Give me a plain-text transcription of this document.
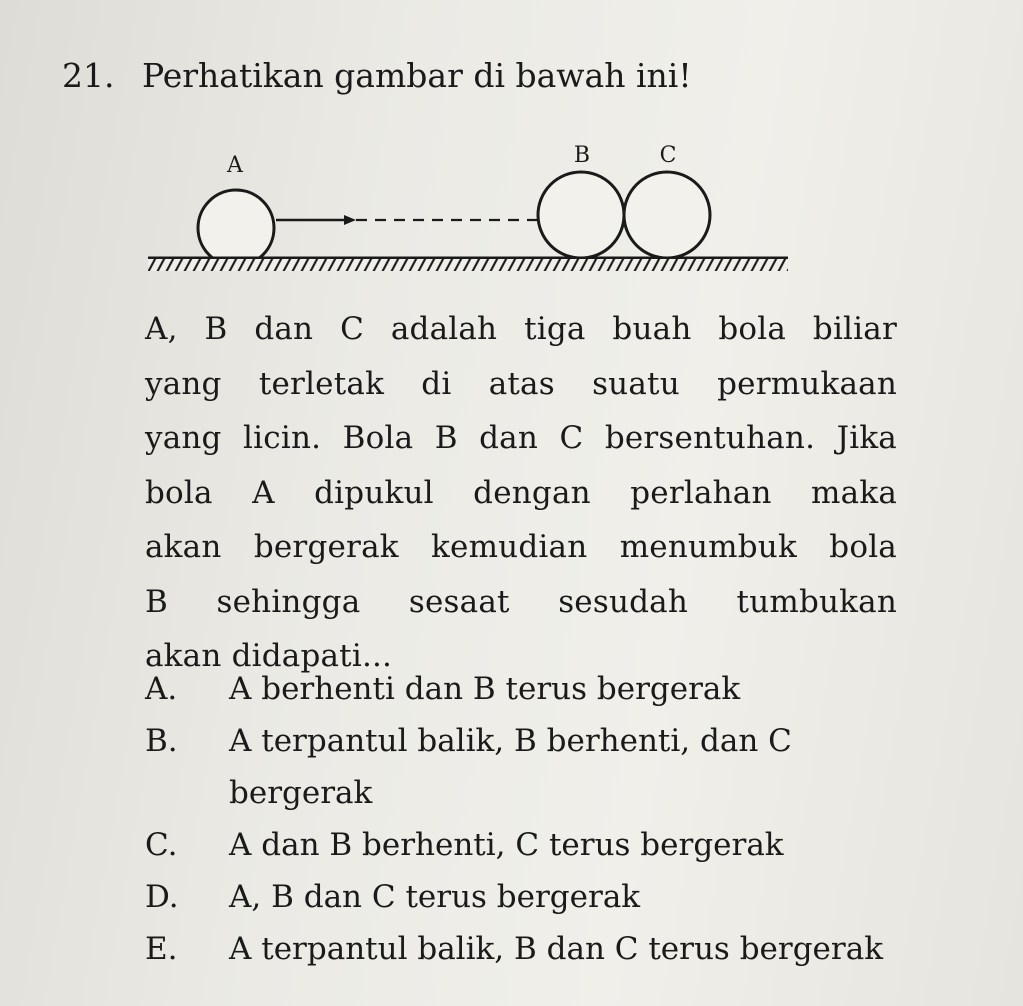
21. Perhatikan gambar di bawah ini!
A	B	C
A, B dan C adalah tiga buah bola biliar
yang terletak di atas suatu permukaan
yang licin. Bola B dan C bersentuhan. Jika
bola A dipukul dengan perlahan maka
akan bergerak kemudian menumbuk bola
B sehingga sesaat sesudah tumbukan
akan didapati...
A. A berhenti dan B terus bergerak
B. A terpantul balik, B berhenti, dan C
bergerak
C. A dan B berhenti, C terus bergerak
D. A, B dan C terus bergerak
E. A terpantul balik, B dan C terus bergerak
